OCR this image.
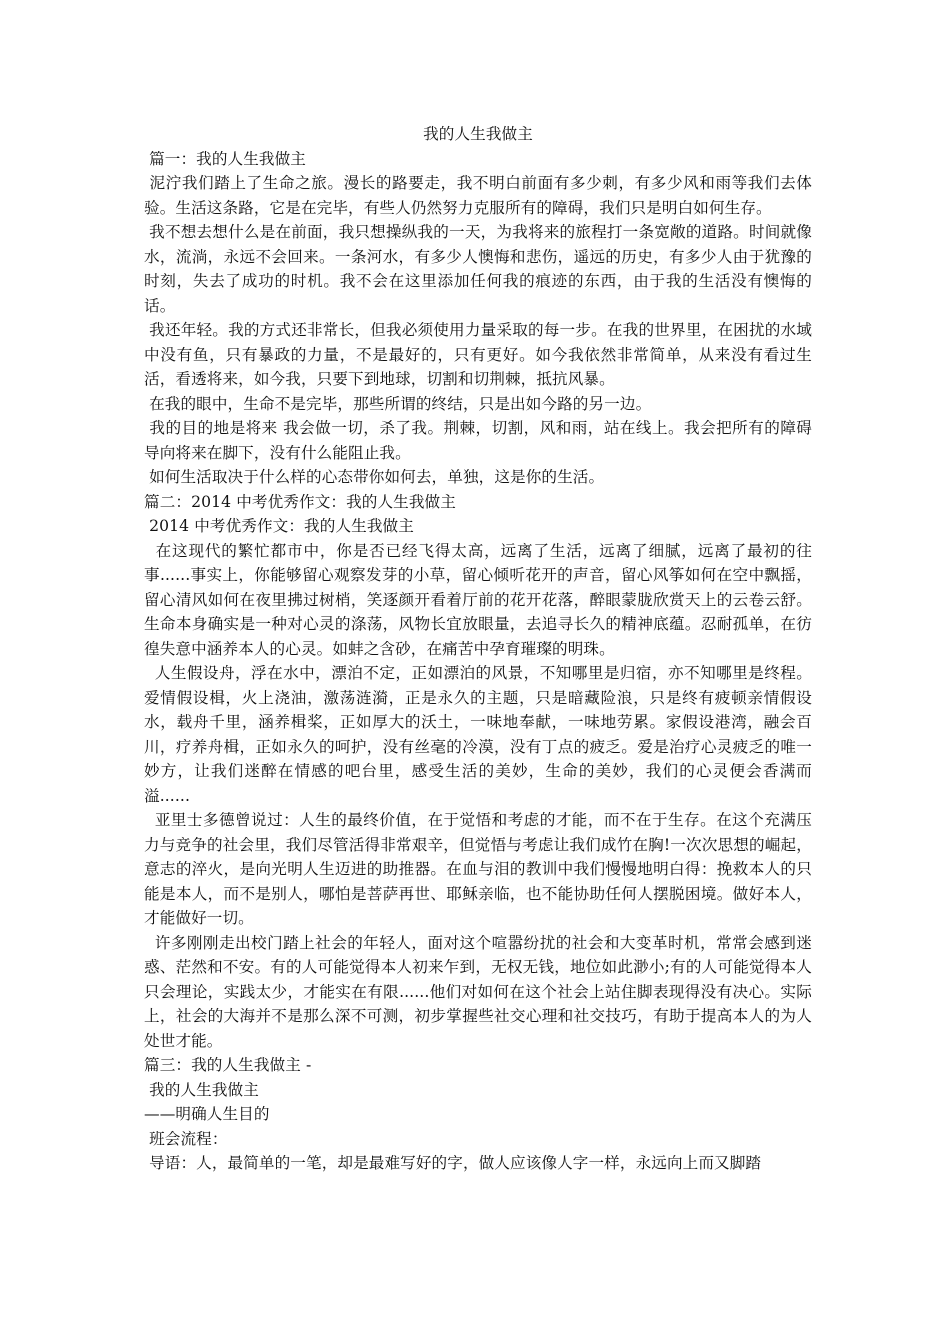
我的人生我做主

篇一：我的人生我做主

泥泞我们踏上了生命之旅。漫长的路要走，我不明白前面有多少刺，有多少风和雨等我们去体验。生活这条路，它是在完毕，有些人仍然努力克服所有的障碍，我们只是明白如何生存。

我不想去想什么是在前面，我只想操纵我的一天，为我将来的旅程打一条宽敞的道路。时间就像水，流淌，永远不会回来。一条河水，有多少人懊悔和悲伤，遥远的历史，有多少人由于犹豫的时刻，失去了成功的时机。我不会在这里添加任何我的痕迹的东西，由于我的生活没有懊悔的话。

我还年轻。我的方式还非常长，但我必须使用力量采取的每一步。在我的世界里，在困扰的水域中没有鱼，只有暴政的力量，不是最好的，只有更好。如今我依然非常简单，从来没有看过生活，看透将来，如今我，只要下到地球，切割和切荆棘，抵抗风暴。

在我的眼中，生命不是完毕，那些所谓的终结，只是出如今路的另一边。

我的目的地是将来 我会做一切，杀了我。荆棘，切割，风和雨，站在线上。我会把所有的障碍导向将来在脚下，没有什么能阻止我。

如何生活取决于什么样的心态带你如何去，单独，这是你的生活。

篇二：2014 中考优秀作文：我的人生我做主

2014 中考优秀作文：我的人生我做主

在这现代的繁忙都市中，你是否已经飞得太高，远离了生活，远离了细腻，远离了最初的往事......事实上，你能够留心观察发芽的小草，留心倾听花开的声音，留心风筝如何在空中飘摇，留心清风如何在夜里拂过树梢，笑逐颜开看着厅前的花开花落，醉眼蒙胧欣赏天上的云卷云舒。生命本身确实是一种对心灵的涤荡，风物长宜放眼量，去追寻长久的精神底蕴。忍耐孤单，在彷徨失意中涵养本人的心灵。如蚌之含砂，在痛苦中孕育璀璨的明珠。

人生假设舟，浮在水中，漂泊不定，正如漂泊的风景，不知哪里是归宿，亦不知哪里是终程。爱情假设楫，火上浇油，激荡涟漪，正是永久的主题，只是暗藏险浪，只是终有疲顿亲情假设水，载舟千里，涵养楫桨，正如厚大的沃土，一味地奉献，一味地劳累。家假设港湾，融会百川，疗养舟楫，正如永久的呵护，没有丝毫的冷漠，没有丁点的疲乏。爱是治疗心灵疲乏的唯一妙方，让我们迷醉在情感的吧台里，感受生活的美妙，生命的美妙，我们的心灵便会香满而溢......

亚里士多德曾说过：人生的最终价值，在于觉悟和考虑的才能，而不在于生存。在这个充满压力与竞争的社会里，我们尽管活得非常艰辛，但觉悟与考虑让我们成竹在胸!一次次思想的崛起，意志的淬火，是向光明人生迈进的助推器。在血与泪的教训中我们慢慢地明白得：挽救本人的只能是本人，而不是别人，哪怕是菩萨再世、耶稣亲临，也不能协助任何人摆脱困境。做好本人，才能做好一切。

许多刚刚走出校门踏上社会的年轻人，面对这个喧嚣纷扰的社会和大变革时机，常常会感到迷惑、茫然和不安。有的人可能觉得本人初来乍到，无权无钱，地位如此渺小;有的人可能觉得本人只会理论，实践太少，才能实在有限......他们对如何在这个社会上站住脚表现得没有决心。实际上，社会的大海并不是那么深不可测，初步掌握些社交心理和社交技巧，有助于提高本人的为人处世才能。

篇三：我的人生我做主 -

我的人生我做主

——明确人生目的

班会流程：

导语：人，最简单的一笔，却是最难写好的字，做人应该像人字一样，永远向上而又脚踏
